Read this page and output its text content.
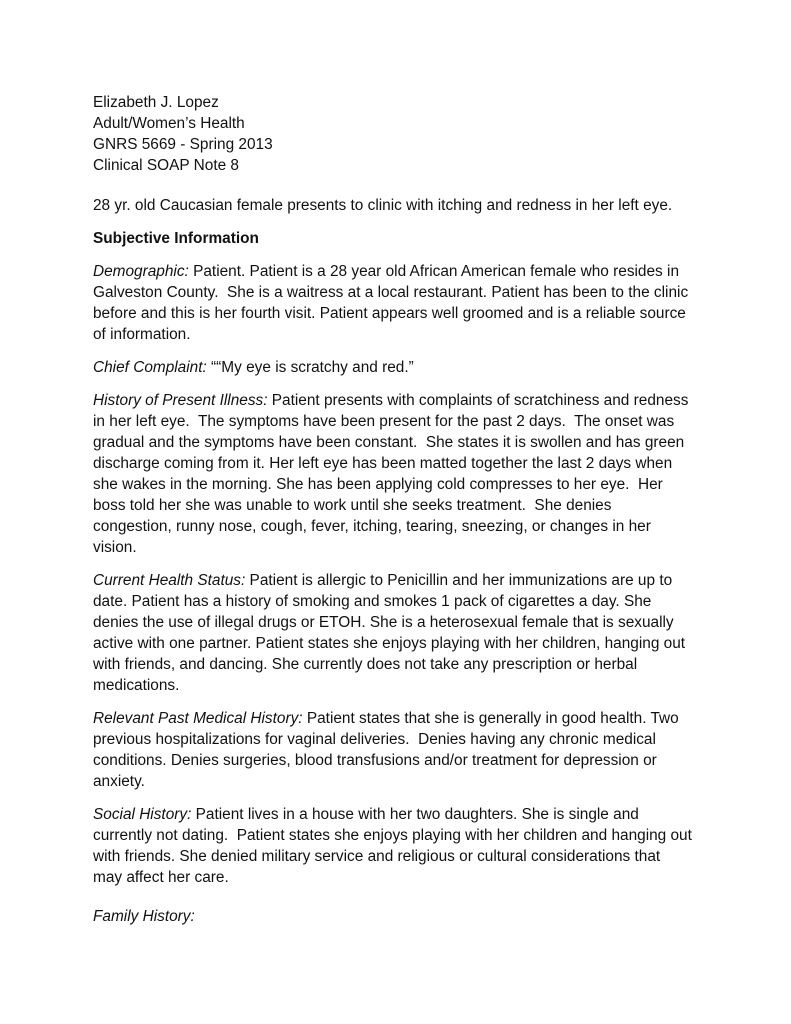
Elizabeth J. Lopez
Adult/Women’s Health
GNRS 5669 - Spring 2013
Clinical SOAP Note 8
28 yr. old Caucasian female presents to clinic with itching and redness in her left eye.
Subjective Information
Demographic: Patient. Patient is a 28 year old African American female who resides in
Galveston County.  She is a waitress at a local restaurant. Patient has been to the clinic
before and this is her fourth visit. Patient appears well groomed and is a reliable source
of information.
Chief Complaint: ““My eye is scratchy and red.”
History of Present Illness: Patient presents with complaints of scratchiness and redness
in her left eye.  The symptoms have been present for the past 2 days.  The onset was
gradual and the symptoms have been constant.  She states it is swollen and has green
discharge coming from it. Her left eye has been matted together the last 2 days when
she wakes in the morning. She has been applying cold compresses to her eye.  Her
boss told her she was unable to work until she seeks treatment.  She denies
congestion, runny nose, cough, fever, itching, tearing, sneezing, or changes in her
vision.
Current Health Status: Patient is allergic to Penicillin and her immunizations are up to
date. Patient has a history of smoking and smokes 1 pack of cigarettes a day. She
denies the use of illegal drugs or ETOH. She is a heterosexual female that is sexually
active with one partner. Patient states she enjoys playing with her children, hanging out
with friends, and dancing. She currently does not take any prescription or herbal
medications.
Relevant Past Medical History: Patient states that she is generally in good health. Two
previous hospitalizations for vaginal deliveries.  Denies having any chronic medical
conditions. Denies surgeries, blood transfusions and/or treatment for depression or
anxiety.
Social History: Patient lives in a house with her two daughters. She is single and
currently not dating.  Patient states she enjoys playing with her children and hanging out
with friends. She denied military service and religious or cultural considerations that
may affect her care.
Family History:
